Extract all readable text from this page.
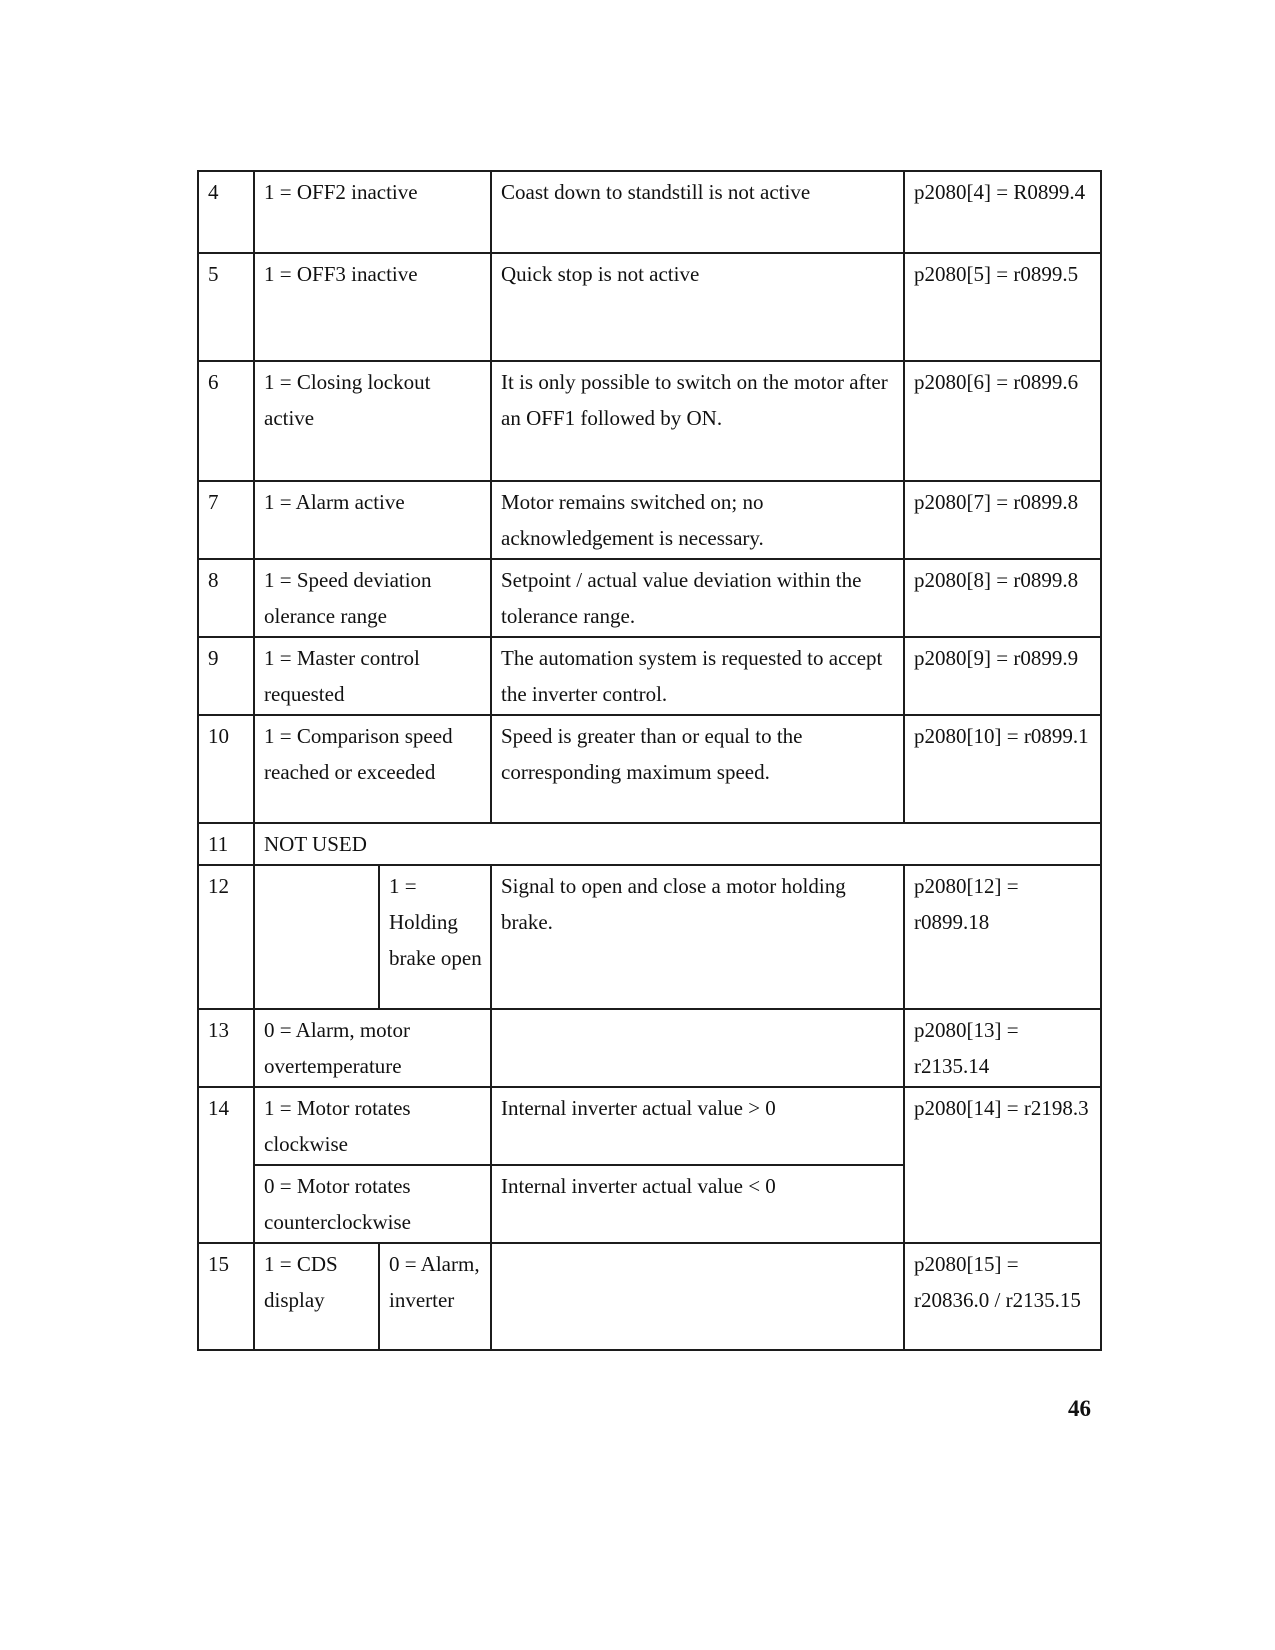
4	1 = OFF2 inactive		Coast down to standstill is not active	p2080[4] = R0899.4
5	1 = OFF3 inactive		Quick stop is not active	p2080[5] = r0899.5
6	1 = Closing lockout active		It is only possible to switch on the motor after an OFF1 followed by ON.	p2080[6] = r0899.6
7	1 = Alarm active		Motor remains switched on; no acknowledgement is necessary.	p2080[7] = r0899.8
8	1 = Speed deviation olerance range		Setpoint / actual value deviation within the tolerance range.	p2080[8] = r0899.8
9	1 = Master control requested		The automation system is requested to accept the inverter control.	p2080[9] = r0899.9
10	1 = Comparison speed reached or exceeded		Speed is greater than or equal to the corresponding maximum speed.	p2080[10] = r0899.1
11	NOT USED			
12		1 = Holding brake open	Signal to open and close a motor holding brake.	p2080[12] = r0899.18
13	0 = Alarm, motor overtemperature			p2080[13] = r2135.14
14	1 = Motor rotates clockwise		Internal inverter actual value > 0	p2080[14] = r2198.3
	0 = Motor rotates counterclockwise		Internal inverter actual value < 0	
15	1 = CDS display	0 = Alarm, inverter		p2080[15] = r20836.0 / r2135.15
46
